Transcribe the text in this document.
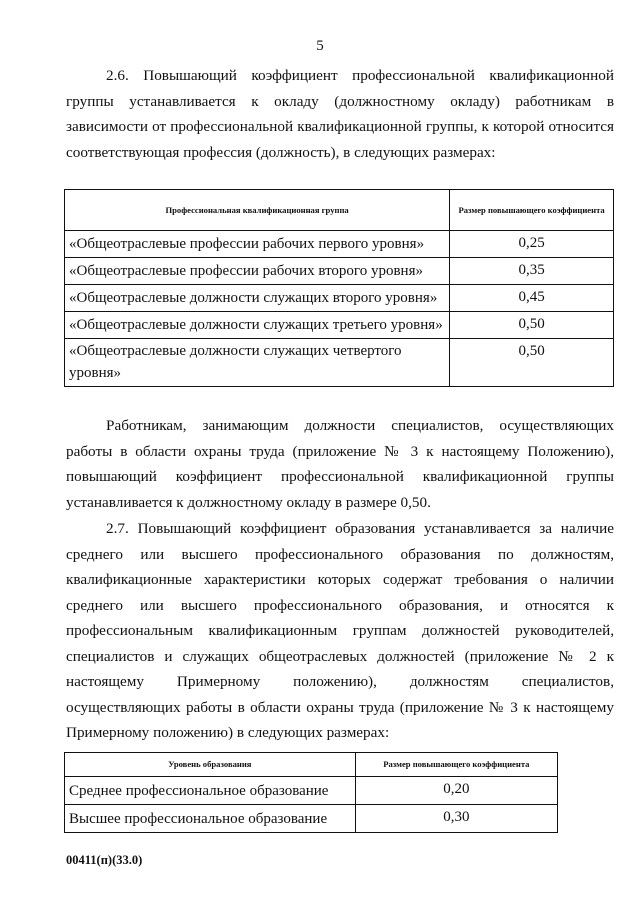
5

2.6. Повышающий коэффициент профессиональной квалификационной группы устанавливается к окладу (должностному окладу) работникам в зависимости от профессиональной квалификационной группы, к которой относится соответствующая профессия (должность), в следующих размерах:

Профессиональная квалификационная группа	Размер повышающего коэффициента
«Общеотраслевые профессии рабочих первого уровня»	0,25
«Общеотраслевые профессии рабочих второго уровня»	0,35
«Общеотраслевые должности служащих второго уровня»	0,45
«Общеотраслевые должности служащих третьего уровня»	0,50
«Общеотраслевые должности служащих четвертого уровня»	0,50

Работникам, занимающим должности специалистов, осуществляющих работы в области охраны труда (приложение № 3 к настоящему Положению), повышающий коэффициент профессиональной квалификационной группы устанавливается к должностному окладу в размере 0,50.

2.7. Повышающий коэффициент образования устанавливается за наличие среднего или высшего профессионального образования по должностям, квалификационные характеристики которых содержат требования о наличии среднего или высшего профессионального образования, и относятся к профессиональным квалификационным группам должностей руководителей, специалистов и служащих общеотраслевых должностей (приложение № 2 к настоящему Примерному положению), должностям специалистов, осуществляющих работы в области охраны труда (приложение № 3 к настоящему Примерному положению) в следующих размерах:

Уровень образования	Размер повышающего коэффициента
Среднее профессиональное образование	0,20
Высшее профессиональное образование	0,30
00411(п)(33.0)
